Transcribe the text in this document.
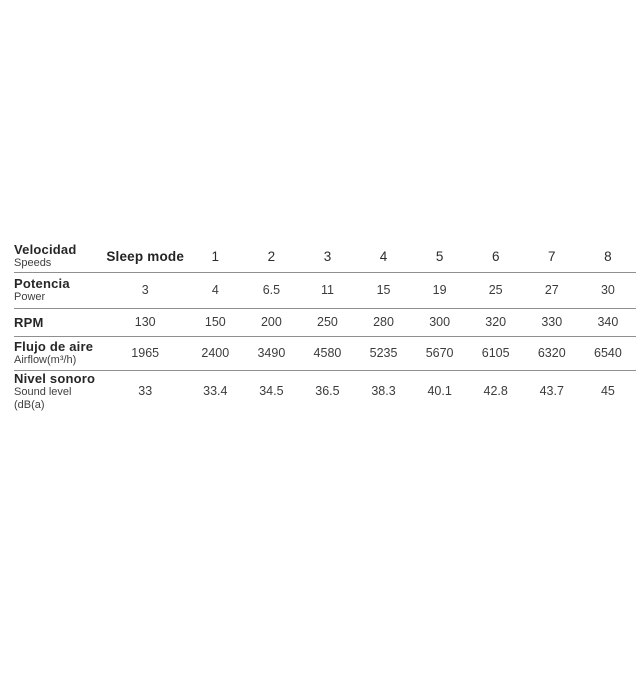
Velocidad
Speeds	Sleep mode	1	2	3	4	5	6	7	8

Potencia
Power	3	4	6.5	11	15	19	25	27	30

RPM	130	150	200	250	280	300	320	330	340

Flujo de aire
Airflow(m³/h)	1965	2400	3490	4580	5235	5670	6105	6320	6540

Nivel sonoro
Sound level (dB(a)	33	33.4	34.5	36.5	38.3	40.1	42.8	43.7	45
